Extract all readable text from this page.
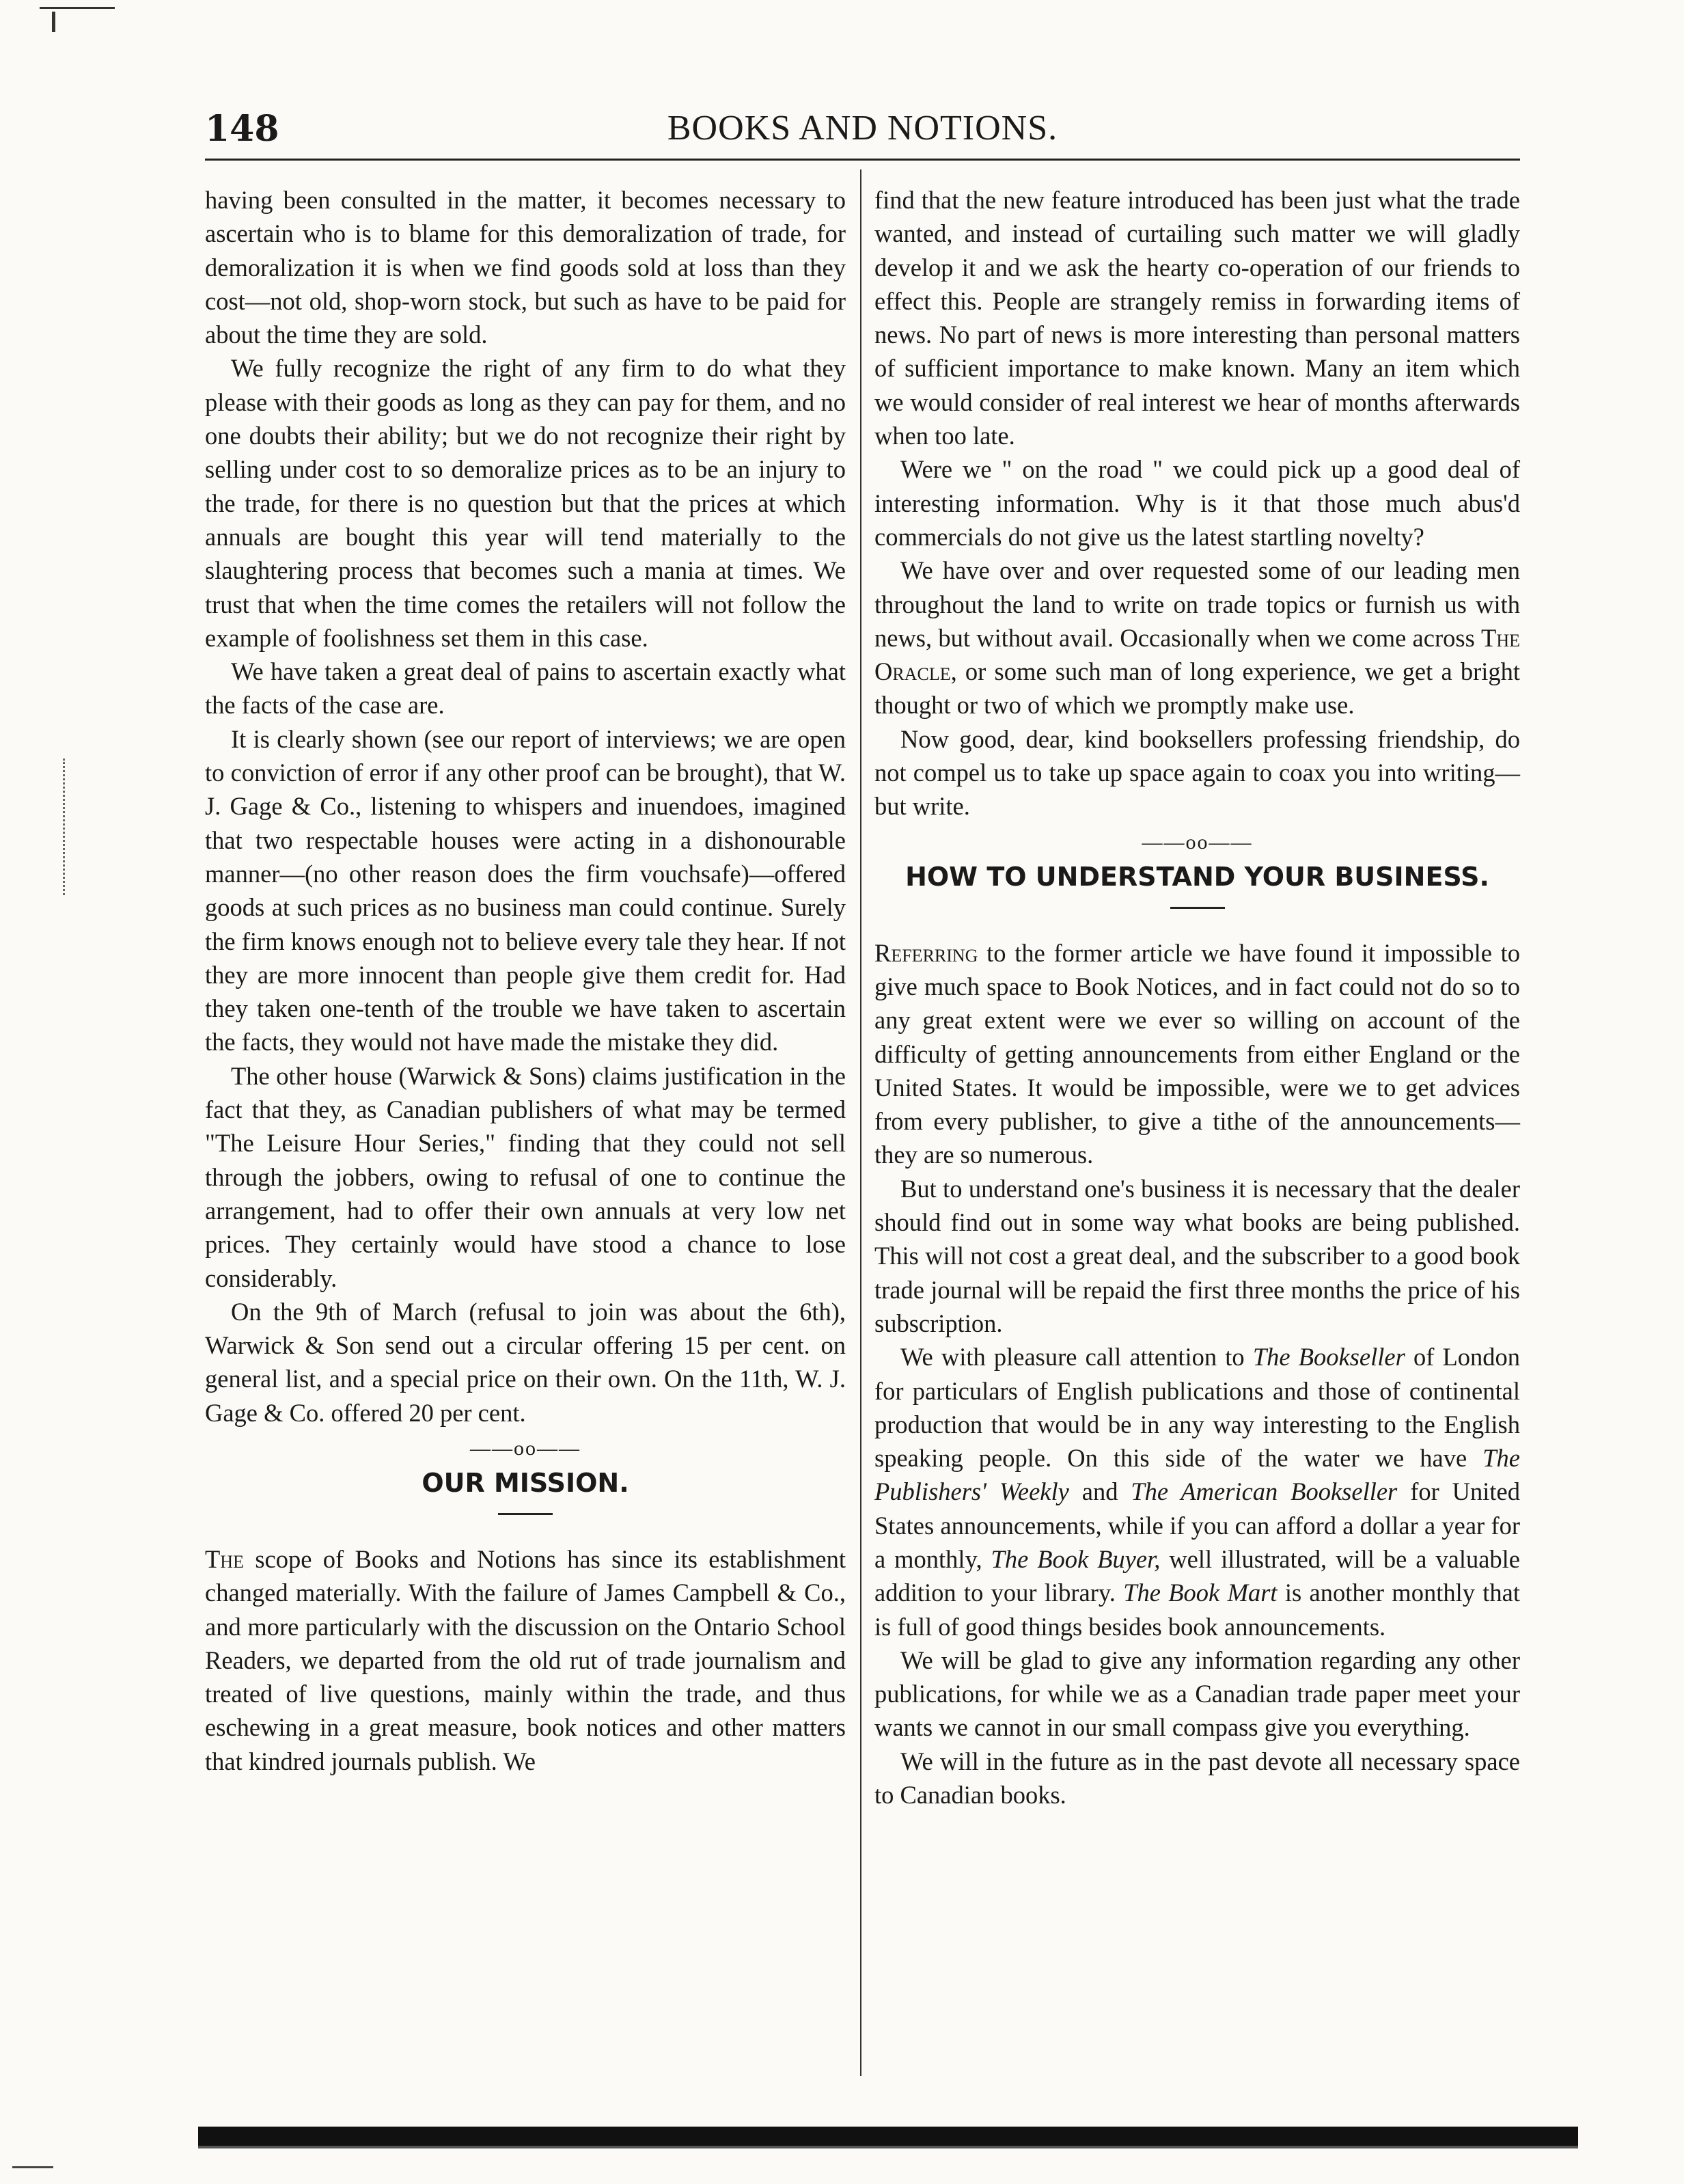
148	BOOKS AND NOTIONS.

having been consulted in the matter, it becomes necessary to ascertain who is to blame for this demoralization of trade, for demoralization it is when we find goods sold at loss than they cost—not old, shop-worn stock, but such as have to be paid for about the time they are sold.

We fully recognize the right of any firm to do what they please with their goods as long as they can pay for them, and no one doubts their ability; but we do not recognize their right by selling under cost to so demoralize prices as to be an injury to the trade, for there is no question but that the prices at which annuals are bought this year will tend materially to the slaughtering process that becomes such a mania at times. We trust that when the time comes the retailers will not follow the example of foolishness set them in this case.

We have taken a great deal of pains to ascertain exactly what the facts of the case are.

It is clearly shown (see our report of interviews; we are open to conviction of error if any other proof can be brought), that W. J. Gage & Co., listening to whispers and inuendoes, imagined that two respectable houses were acting in a dishonourable manner—(no other reason does the firm vouchsafe)—offered goods at such prices as no business man could continue. Surely the firm knows enough not to believe every tale they hear. If not they are more innocent than people give them credit for. Had they taken one-tenth of the trouble we have taken to ascertain the facts, they would not have made the mistake they did.

The other house (Warwick & Sons) claims justification in the fact that they, as Canadian publishers of what may be termed "The Leisure Hour Series," finding that they could not sell through the jobbers, owing to refusal of one to continue the arrangement, had to offer their own annuals at very low net prices. They certainly would have stood a chance to lose considerably.

On the 9th of March (refusal to join was about the 6th), Warwick & Son send out a circular offering 15 per cent. on general list, and a special price on their own. On the 11th, W. J. Gage & Co. offered 20 per cent.

——oo——
OUR MISSION.

The scope of Books and Notions has since its establishment changed materially. With the failure of James Campbell & Co., and more particularly with the discussion on the Ontario School Readers, we departed from the old rut of trade journalism and treated of live questions, mainly within the trade, and thus eschewing in a great measure, book notices and other matters that kindred journals publish. We

find that the new feature introduced has been just what the trade wanted, and instead of curtailing such matter we will gladly develop it and we ask the hearty co-operation of our friends to effect this. People are strangely remiss in forwarding items of news. No part of news is more interesting than personal matters of sufficient importance to make known. Many an item which we would consider of real interest we hear of months afterwards when too late.

Were we " on the road " we could pick up a good deal of interesting information. Why is it that those much abus'd commercials do not give us the latest startling novelty?

We have over and over requested some of our leading men throughout the land to write on trade topics or furnish us with news, but without avail. Occasionally when we come across The Oracle, or some such man of long experience, we get a bright thought or two of which we promptly make use.

Now good, dear, kind booksellers professing friendship, do not compel us to take up space again to coax you into writing—but write.

——oo——
HOW TO UNDERSTAND YOUR BUSINESS.

Referring to the former article we have found it impossible to give much space to Book Notices, and in fact could not do so to any great extent were we ever so willing on account of the difficulty of getting announcements from either England or the United States. It would be impossible, were we to get advices from every publisher, to give a tithe of the announcements—they are so numerous.

But to understand one's business it is necessary that the dealer should find out in some way what books are being published. This will not cost a great deal, and the subscriber to a good book trade journal will be repaid the first three months the price of his subscription.

We with pleasure call attention to The Bookseller of London for particulars of English publications and those of continental production that would be in any way interesting to the English speaking people. On this side of the water we have The Publishers' Weekly and The American Bookseller for United States announcements, while if you can afford a dollar a year for a monthly, The Book Buyer, well illustrated, will be a valuable addition to your library. The Book Mart is another monthly that is full of good things besides book announcements.

We will be glad to give any information regarding any other publications, for while we as a Canadian trade paper meet your wants we cannot in our small compass give you everything.

We will in the future as in the past devote all necessary space to Canadian books.
